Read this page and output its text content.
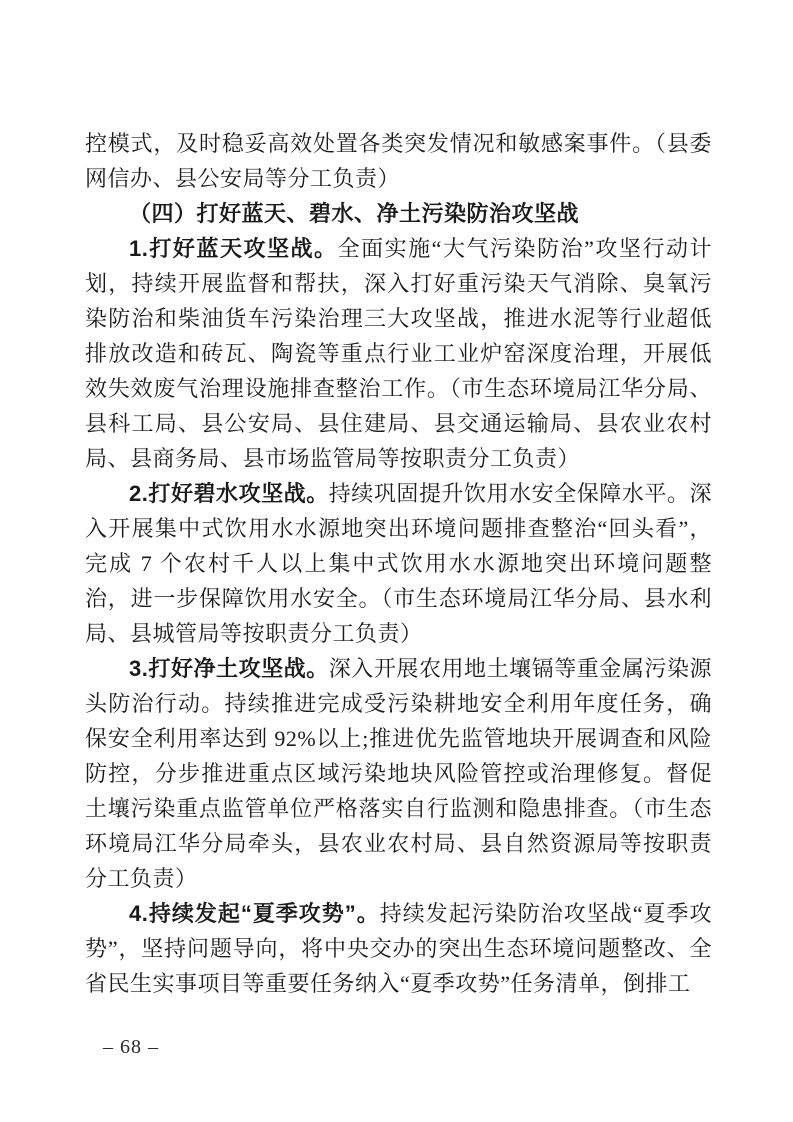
控模式，及时稳妥高效处置各类突发情况和敏感案事件。（县委网信办、县公安局等分工负责）

（四）打好蓝天、碧水、净土污染防治攻坚战

1.打好蓝天攻坚战。全面实施“大气污染防治”攻坚行动计划，持续开展监督和帮扶，深入打好重污染天气消除、臭氧污染防治和柴油货车污染治理三大攻坚战，推进水泥等行业超低排放改造和砖瓦、陶瓷等重点行业工业炉窑深度治理，开展低效失效废气治理设施排查整治工作。（市生态环境局江华分局、县科工局、县公安局、县住建局、县交通运输局、县农业农村局、县商务局、县市场监管局等按职责分工负责）

2.打好碧水攻坚战。持续巩固提升饮用水安全保障水平。深入开展集中式饮用水水源地突出环境问题排查整治“回头看”，完成 7 个农村千人以上集中式饮用水水源地突出环境问题整治，进一步保障饮用水安全。（市生态环境局江华分局、县水利局、县城管局等按职责分工负责）

3.打好净土攻坚战。深入开展农用地土壤镉等重金属污染源头防治行动。持续推进完成受污染耕地安全利用年度任务，确保安全利用率达到 92%以上;推进优先监管地块开展调查和风险防控，分步推进重点区域污染地块风险管控或治理修复。督促土壤污染重点监管单位严格落实自行监测和隐患排查。（市生态环境局江华分局牵头，县农业农村局、县自然资源局等按职责分工负责）

4.持续发起“夏季攻势”。持续发起污染防治攻坚战“夏季攻势”，坚持问题导向，将中央交办的突出生态环境问题整改、全省民生实事项目等重要任务纳入“夏季攻势”任务清单，倒排工

– 68 –
